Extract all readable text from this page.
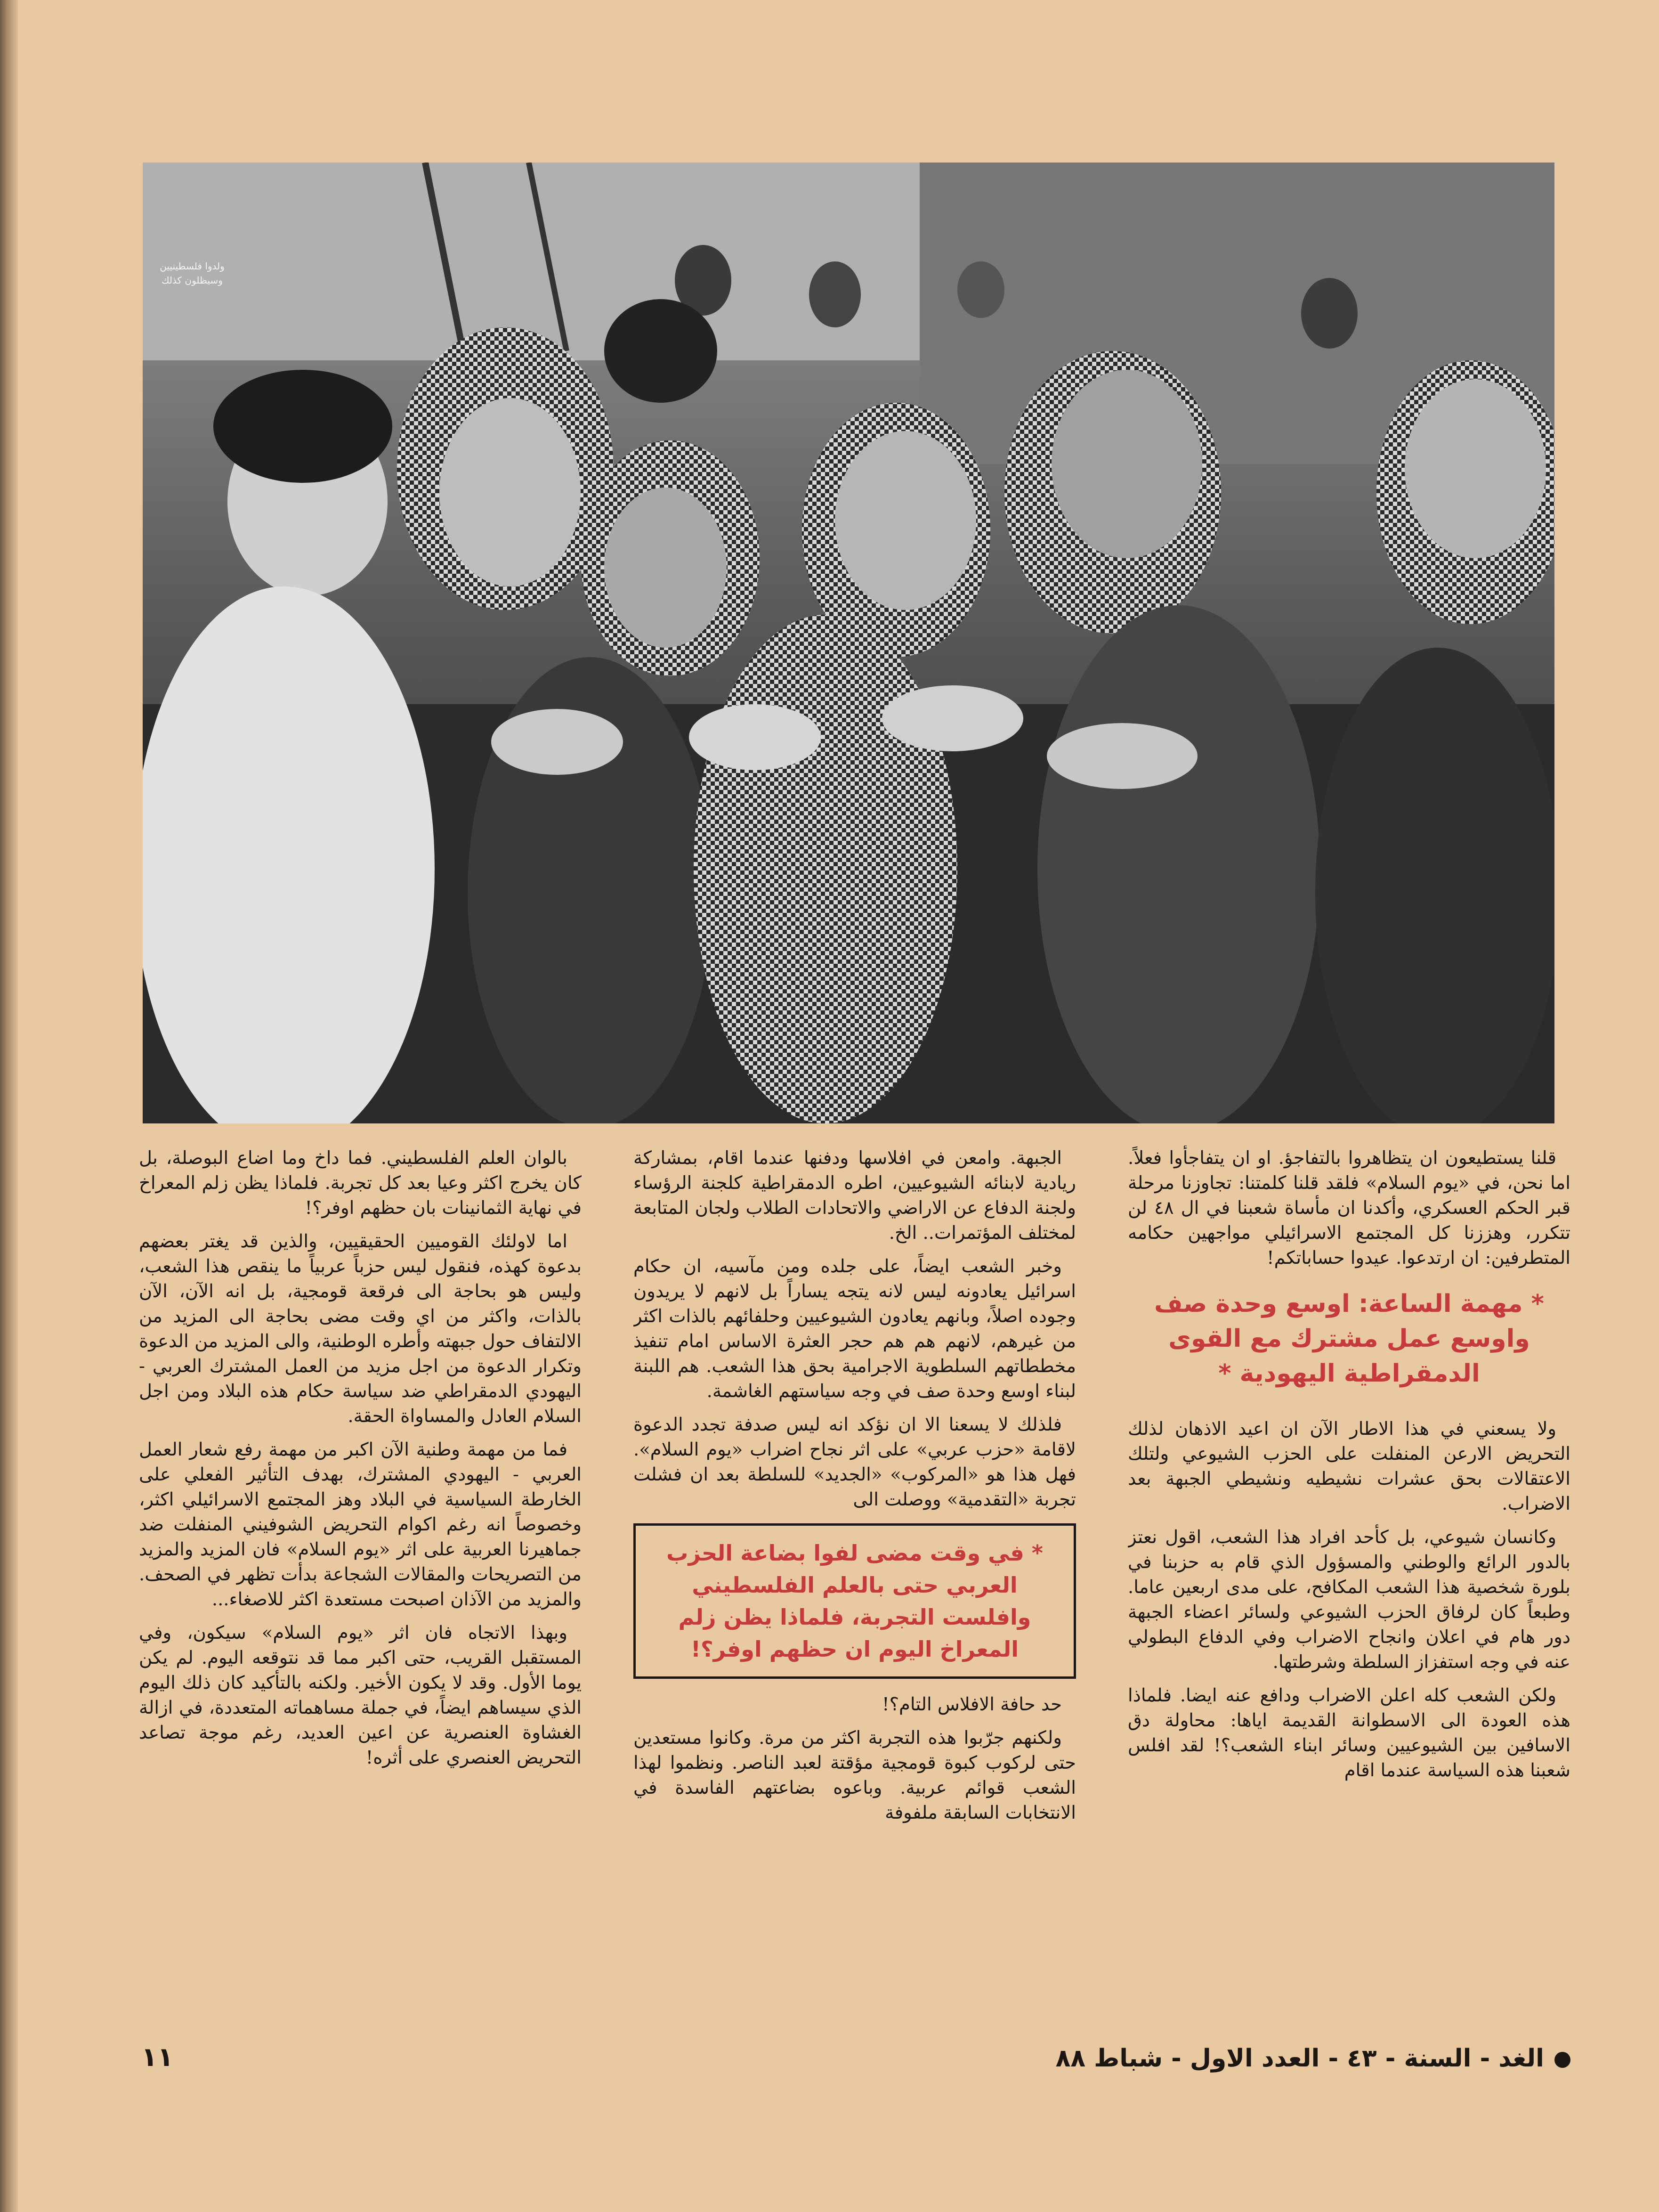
ولدوا فلسطينيين
وسيظلون كذلك

قلنا يستطيعون ان يتظاهروا بالتفاجؤ. او ان يتفاجأوا فعلاً. اما نحن، في «يوم السلام» فلقد قلنا كلمتنا: تجاوزنا مرحلة قبر الحكم العسكري، وأكدنا ان مأساة شعبنا في ال ٤٨ لن تتكرر، وهززنا كل المجتمع الاسرائيلي مواجهين حكامه المتطرفين: ان ارتدعوا. عيدوا حساباتكم!

* مهمة الساعة: اوسع وحدة صف واوسع عمل مشترك مع القوى الدمقراطية اليهودية *

ولا يسعني في هذا الاطار الآن ان اعيد الاذهان لذلك التحريض الارعن المنفلت على الحزب الشيوعي ولتلك الاعتقالات بحق عشرات نشيطيه ونشيطي الجبهة بعد الاضراب.

وكانسان شيوعي، بل كأحد افراد هذا الشعب، اقول نعتز بالدور الرائع والوطني والمسؤول الذي قام به حزبنا في بلورة شخصية هذا الشعب المكافح، على مدى اربعين عاما. وطبعاً كان لرفاق الحزب الشيوعي ولسائر اعضاء الجبهة دور هام في اعلان وانجاح الاضراب وفي الدفاع البطولي عنه في وجه استفزاز السلطة وشرطتها.

ولكن الشعب كله اعلن الاضراب ودافع عنه ايضا. فلماذا هذه العودة الى الاسطوانة القديمة اياها: محاولة دق الاسافين بين الشيوعيين وسائر ابناء الشعب؟! لقد افلس شعبنا هذه السياسة عندما اقام

الجبهة. وامعن في افلاسها ودفنها عندما اقام، بمشاركة ريادية لابنائه الشيوعيين، اطره الدمقراطية كلجنة الرؤساء ولجنة الدفاع عن الاراضي والاتحادات الطلاب ولجان المتابعة لمختلف المؤتمرات.. الخ.

وخبر الشعب ايضاً، على جلده ومن مآسيه، ان حكام اسرائيل يعادونه ليس لانه يتجه يساراً بل لانهم لا يريدون وجوده اصلاً، وبانهم يعادون الشيوعيين وحلفائهم بالذات اكثر من غيرهم، لانهم هم هم حجر العثرة الاساس امام تنفيذ مخططاتهم السلطوية الاجرامية بحق هذا الشعب. هم اللبنة لبناء اوسع وحدة صف في وجه سياستهم الغاشمة.

فلذلك لا يسعنا الا ان نؤكد انه ليس صدفة تجدد الدعوة لاقامة «حزب عربي» على اثر نجاح اضراب «يوم السلام». فهل هذا هو «المركوب» «الجديد» للسلطة بعد ان فشلت تجربة «التقدمية» ووصلت الى

* في وقت مضى لفوا بضاعة الحزب العربي حتى بالعلم الفلسطيني وافلست التجربة، فلماذا يظن زلم المعراخ اليوم ان حظهم اوفر؟!

حد حافة الافلاس التام؟!

ولكنهم جرّبوا هذه التجربة اكثر من مرة. وكانوا مستعدين حتى لركوب كبوة قومجية مؤقتة لعبد الناصر. ونظموا لهذا الشعب قوائم عربية. وباعوه بضاعتهم الفاسدة في الانتخابات السابقة ملفوفة

بالوان العلم الفلسطيني. فما داخ وما اضاع البوصلة، بل كان يخرج اكثر وعيا بعد كل تجربة. فلماذا يظن زلم المعراخ في نهاية الثمانينات بان حظهم اوفر؟!

اما لاولئك القوميين الحقيقيين، والذين قد يغتر بعضهم بدعوة كهذه، فنقول ليس حزباً عربياً ما ينقص هذا الشعب، وليس هو بحاجة الى فرقعة قومجية، بل انه الآن، الآن بالذات، واكثر من اي وقت مضى بحاجة الى المزيد من الالتفاف حول جبهته وأطره الوطنية، والى المزيد من الدعوة وتكرار الدعوة من اجل مزيد من العمل المشترك العربي - اليهودي الدمقراطي ضد سياسة حكام هذه البلاد ومن اجل السلام العادل والمساواة الحقة.

فما من مهمة وطنية الآن اكبر من مهمة رفع شعار العمل العربي - اليهودي المشترك، بهدف التأثير الفعلي على الخارطة السياسية في البلاد وهز المجتمع الاسرائيلي اكثر، وخصوصاً انه رغم اكوام التحريض الشوفيني المنفلت ضد جماهيرنا العربية على اثر «يوم السلام» فان المزيد والمزيد من التصريحات والمقالات الشجاعة بدأت تظهر في الصحف. والمزيد من الآذان اصبحت مستعدة اكثر للاصغاء...

وبهذا الاتجاه فان اثر «يوم السلام» سيكون، وفي المستقبل القريب، حتى اكبر مما قد نتوقعه اليوم. لم يكن يوما الأول. وقد لا يكون الأخير. ولكنه بالتأكيد كان ذلك اليوم الذي سيساهم ايضاً، في جملة مساهماته المتعددة، في ازالة الغشاوة العنصرية عن اعين العديد، رغم موجة تصاعد التحريض العنصري على أثره!

الغد - السنة - ٤٣ - العدد الاول - شباط ٨٨
١١
